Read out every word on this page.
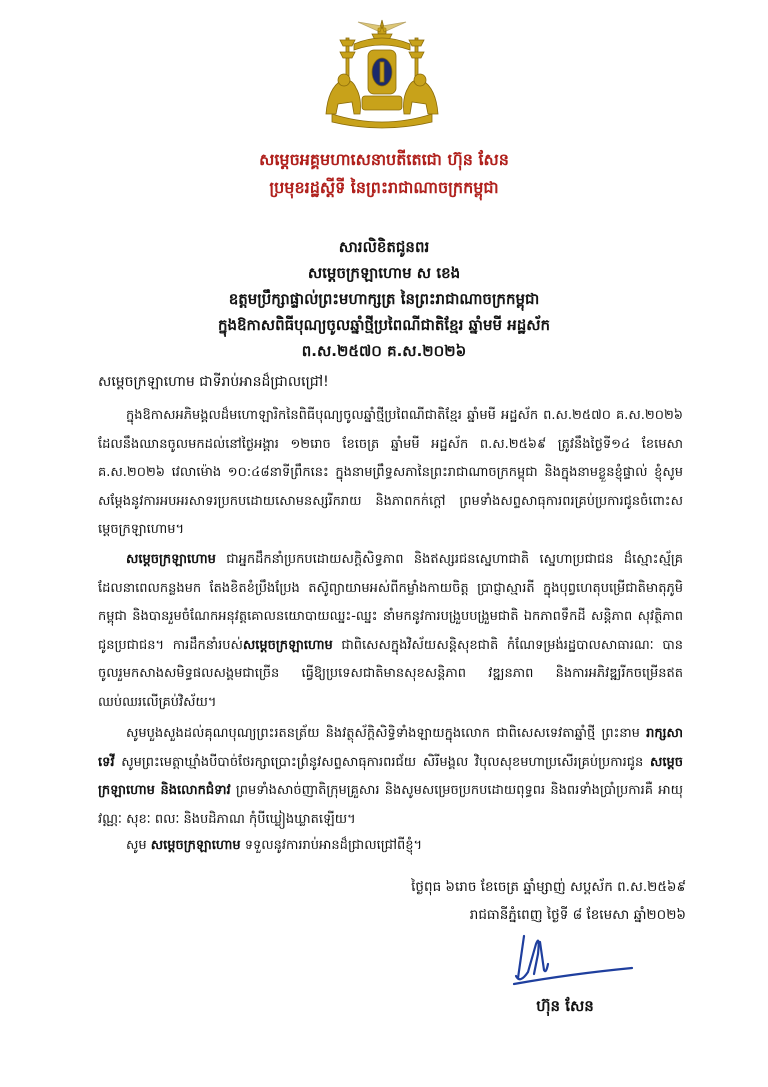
សម្តេចអគ្គមហាសេនាបតីតេជោ ហ៊ុន សែន
ប្រមុខរដ្ឋស្តីទី នៃព្រះរាជាណាចក្រកម្ពុជា
សារលិខិតជូនពរ
សម្តេចក្រឡាហោម ស ខេង
ឧត្តមប្រឹក្សាផ្ទាល់ព្រះមហាក្សត្រ នៃព្រះរាជាណាចក្រកម្ពុជា
ក្នុងឱកាសពិធីបុណ្យចូលឆ្នាំថ្មីប្រពៃណីជាតិខ្មែរ ឆ្នាំមមី អដ្ឋស័ក
ព.ស.២៥៧០ គ.ស.២០២៦
សម្តេចក្រឡាហោម ជាទីរាប់អានដ៏ជ្រាលជ្រៅ!
ក្នុងឱកាសអភិមង្គលដ៏មហោឡារិកនៃពិធីបុណ្យចូលឆ្នាំថ្មីប្រពៃណីជាតិខ្មែរ ឆ្នាំមមី អដ្ឋស័ក ព.ស.២៥៧០ គ.ស.២០២៦ ដែលនឹងឈានចូលមកដល់នៅថ្ងៃអង្គារ ១២រោច ខែចេត្រ ឆ្នាំមមី អដ្ឋស័ក ព.ស.២៥៦៩ ត្រូវនឹងថ្ងៃទី១៤ ខែមេសា គ.ស.២០២៦ វេលាម៉ោង ១០:៤៨នាទីព្រឹកនេះ ក្នុងនាមព្រឹទ្ធសភានៃព្រះរាជាណាចក្រកម្ពុជា និងក្នុងនាមខ្លួនខ្ញុំផ្ទាល់ ខ្ញុំសូមសម្តែងនូវការអបអរសាទរប្រកបដោយសោមនស្សរីករាយ និងភាពកក់ក្តៅ ព្រមទាំងសព្ទសាធុការពរគ្រប់ប្រការជូនចំពោះសម្តេចក្រឡាហោម។
សម្តេចក្រឡាហោម ជាអ្នកដឹកនាំប្រកបដោយសក្តិសិទ្ធភាព និងឥស្សរជនស្នេហាជាតិ ស្នេហាប្រជាជន ដ៏ស្មោះស្ម័គ្រដែលនាពេលកន្លងមក តែងខិតខំប្រឹងប្រែង តស៊ូព្យាយាមអស់ពីកម្លាំងកាយចិត្ត ប្រាជ្ញាស្មារតី ក្នុងបុព្វហេតុបម្រើជាតិមាតុភូមិកម្ពុជា និងបានរួមចំណែកអនុវត្តគោលនយោបាយឈ្នះ-ឈ្នះ នាំមកនូវការបង្រួបបង្រួមជាតិ ឯកភាពទឹកដី សន្តិភាព សុវត្ថិភាពជូនប្រជាជន។ ការដឹកនាំរបស់សម្តេចក្រឡាហោម ជាពិសេសក្នុងវិស័យសន្តិសុខជាតិ កំណែទម្រង់រដ្ឋបាលសាធារណៈ បានចូលរួមកសាងសមិទ្ធផលសង្គមជាច្រើន ធ្វើឱ្យប្រទេសជាតិមានសុខសន្តិភាព វឌ្ឍនភាព និងការអភិវឌ្ឍរីកចម្រើនឥតឈប់ឈរលើគ្រប់វិស័យ។
សូមបួងសួងដល់គុណបុណ្យព្រះរតនត្រ័យ និងវត្ថុស័ក្តិសិទ្ធិទាំងឡាយក្នុងលោក ជាពិសេសទេវតាឆ្នាំថ្មី ព្រះនាម រាក្សសាទេវី សូមព្រះមេត្តាឃ្មាំងបីបាច់ថែរក្សាប្រោះព្រំនូវសព្ទសាធុការពរជ័យ សិរីមង្គល វិបុលសុខមហាប្រសើរគ្រប់ប្រការជូន សម្តេចក្រឡាហោម និងលោកជំទាវ ព្រមទាំងសាច់ញាតិក្រុមគ្រួសារ និងសូមសម្រេចប្រកបដោយពុទ្ធពរ និងពរទាំងប្រាំប្រការគឺ អាយុ វណ្ណៈ សុខៈ ពលៈ និងបដិភាណ កុំបីឃ្លៀងឃ្លាតឡើយ។
សូម សម្តេចក្រឡាហោម ទទួលនូវការរាប់អានដ៏ជ្រាលជ្រៅពីខ្ញុំ។
ថ្ងៃពុធ ៦រោច ខែចេត្រ ឆ្នាំម្សាញ់ សប្តស័ក ព.ស.២៥៦៩
រាជធានីភ្នំពេញ ថ្ងៃទី ៨ ខែមេសា ឆ្នាំ២០២៦
ហ៊ុន សែន
